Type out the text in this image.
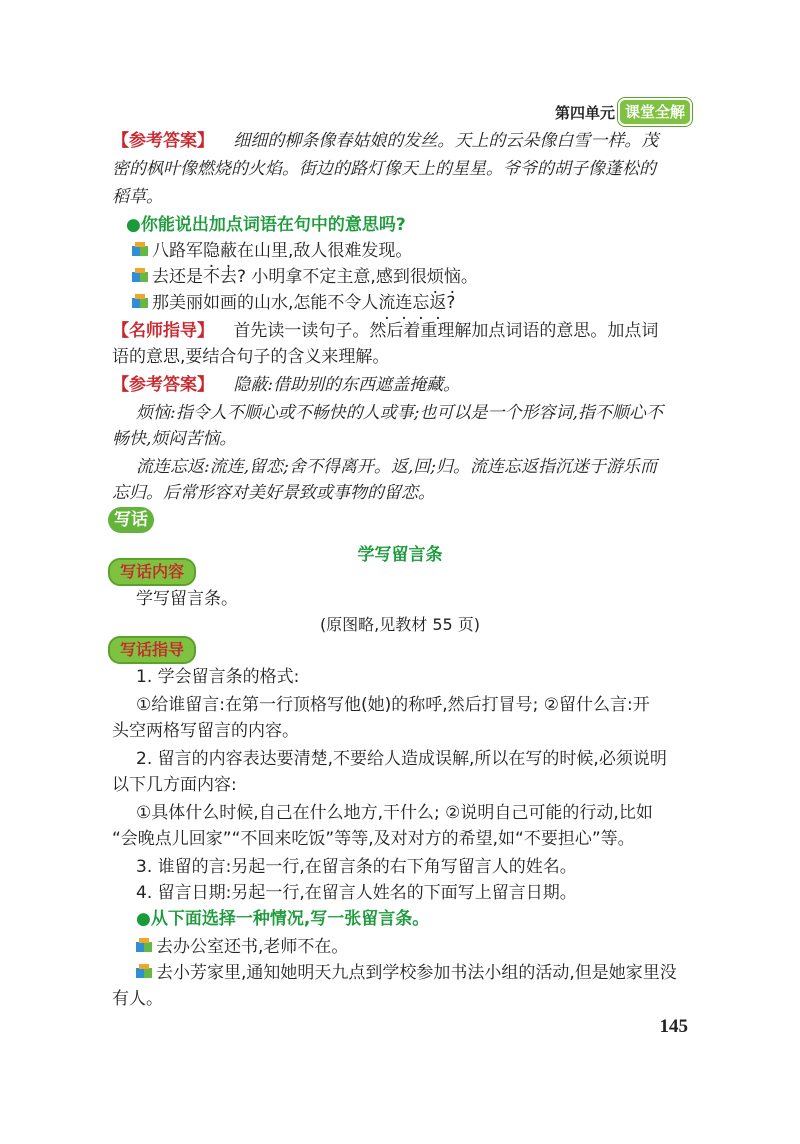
第四单元 课堂全解
【参考答案】 细细的柳条像春姑娘的发丝。天上的云朵像白雪一样。茂
密的枫叶像燃烧的火焰。街边的路灯像天上的星星。爷爷的胡子像蓬松的
稻草。
●你能说出加点词语在句中的意思吗?
八路军隐蔽在山里,敌人很难发现。
去还是不去? 小明拿不定主意,感到很烦恼。
那美丽如画的山水,怎能不令人流连忘返?
【名师指导】 首先读一读句子。然后着重理解加点词语的意思。加点词
语的意思,要结合句子的含义来理解。
【参考答案】 隐蔽:借助别的东西遮盖掩藏。
烦恼:指令人不顺心或不畅快的人或事;也可以是一个形容词,指不顺心不
畅快,烦闷苦恼。
流连忘返:流连,留恋;舍不得离开。返,回;归。流连忘返指沉迷于游乐而
忘归。后常形容对美好景致或事物的留恋。
写话
学写留言条
写话内容
学写留言条。
(原图略,见教材 55 页)
写话指导
1. 学会留言条的格式:
①给谁留言:在第一行顶格写他(她)的称呼,然后打冒号; ②留什么言:开
头空两格写留言的内容。
2. 留言的内容表达要清楚,不要给人造成误解,所以在写的时候,必须说明
以下几方面内容:
①具体什么时候,自己在什么地方,干什么; ②说明自己可能的行动,比如
“会晚点儿回家”“不回来吃饭”等等,及对对方的希望,如“不要担心”等。
3. 谁留的言:另起一行,在留言条的右下角写留言人的姓名。
4. 留言日期:另起一行,在留言人姓名的下面写上留言日期。
●从下面选择一种情况,写一张留言条。
去办公室还书,老师不在。
去小芳家里,通知她明天九点到学校参加书法小组的活动,但是她家里没
有人。
145
